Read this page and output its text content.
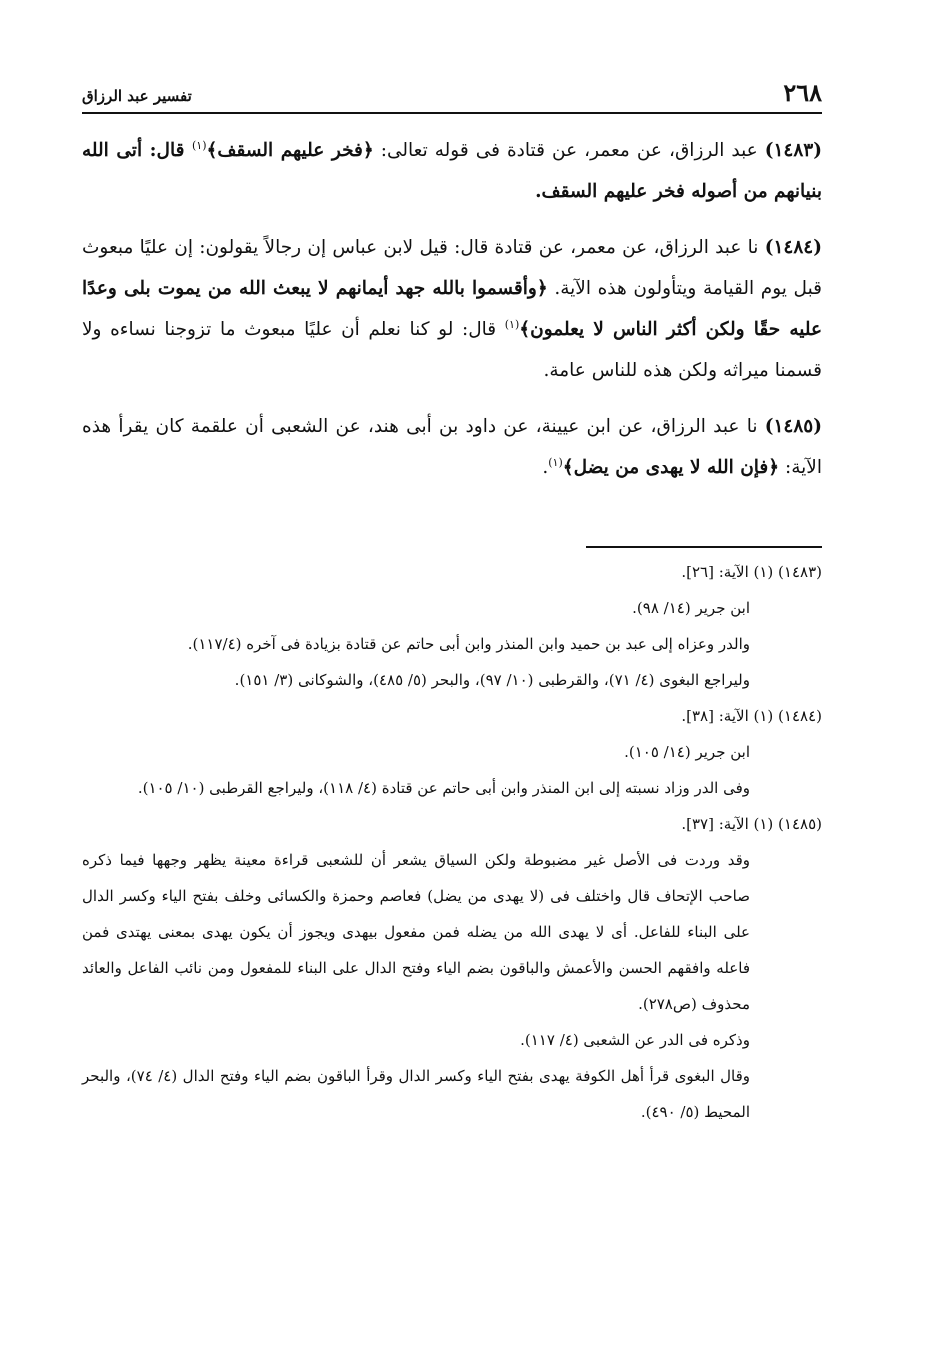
٢٦٨
تفسير عبد الرزاق

(١٤٨٣) عبد الرزاق، عن معمر، عن قتادة فى قوله تعالى: ﴿فخر عليهم السقف﴾$^{(١)}$ قال: أتى الله بنيانهم من أصوله فخر عليهم السقف.

(١٤٨٤) نا عبد الرزاق، عن معمر، عن قتادة قال: قيل لابن عباس إن رجالاً يقولون: إن عليًا مبعوث قبل يوم القيامة ويتأولون هذه الآية. ﴿وأقسموا بالله جهد أيمانهم لا يبعث الله من يموت بلى وعدًا عليه حقًا ولكن أكثر الناس لا يعلمون﴾$^{(١)}$ قال: لو كنا نعلم أن عليًا مبعوث ما تزوجنا نساءه ولا قسمنا ميراثه ولكن هذه للناس عامة.

(١٤٨٥) نا عبد الرزاق، عن ابن عيينة، عن داود بن أبى هند، عن الشعبى أن علقمة كان يقرأ هذه الآية: ﴿فإن الله لا يهدى من يضل﴾$^{(١)}$.

(١٤٨٣) (١) الآية: [٢٦].
ابن جرير (١٤/ ٩٨).
والدر وعزاه إلى عبد بن حميد وابن المنذر وابن أبى حاتم عن قتادة بزيادة فى آخره (١١٧/٤).
وليراجع البغوى (٤/ ٧١)، والقرطبى (١٠/ ٩٧)، والبحر (٥/ ٤٨٥)، والشوكانى (٣/ ١٥١).
(١٤٨٤) (١) الآية: [٣٨].
ابن جرير (١٤/ ١٠٥).
وفى الدر وزاد نسبته إلى ابن المنذر وابن أبى حاتم عن قتادة (٤/ ١١٨)، وليراجع القرطبى (١٠/ ١٠٥).
(١٤٨٥) (١) الآية: [٣٧].
وقد وردت فى الأصل غير مضبوطة ولكن السياق يشعر أن للشعبى قراءة معينة يظهر وجهها فيما ذكره صاحب الإتحاف قال واختلف فى (لا يهدى من يضل) فعاصم وحمزة والكسائى وخلف بفتح الياء وكسر الدال على البناء للفاعل. أى لا يهدى الله من يضله فمن مفعول بيهدى ويجوز أن يكون يهدى بمعنى يهتدى فمن فاعله وافقهم الحسن والأعمش والباقون بضم الياء وفتح الدال على البناء للمفعول ومن نائب الفاعل والعائد محذوف (ص٢٧٨).
وذكره فى الدر عن الشعبى (٤/ ١١٧).
وقال البغوى قرأ أهل الكوفة يهدى بفتح الياء وكسر الدال وقرأ الباقون بضم الياء وفتح الدال (٤/ ٧٤)، والبحر المحيط (٥/ ٤٩٠).
